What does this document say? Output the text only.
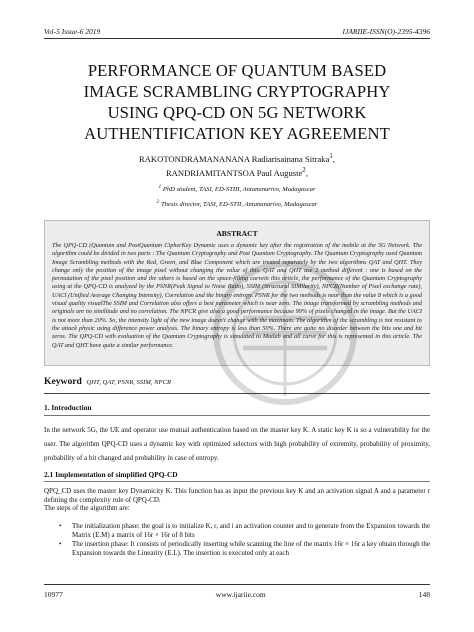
Vol-5 Issue-6 2019	IJARIIE-ISSN(O)-2395-4396
PERFORMANCE OF QUANTUM BASED
IMAGE SCRAMBLING CRYPTOGRAPHY
USING QPQ-CD ON 5G NETWORK
AUTHENTIFICATION KEY AGREEMENT
RAKOTONDRAMANANANA Radiarisainana Sitraka$^1$,
RANDRIAMITANTSOA Paul Auguste$^2$,
$^1$ PhD student, TASI, ED-STIII, Antananarivo, Madagascar
$^2$ Thesis director, TASI, ED-STII, Antananarivo, Madagascar
ABSTRACT
The QPQ-CD (Quantum and PostQuantum CipherKey Dynamic uses a dynamic key after the registration of the mobile at the 5G Network. The algorithm could be divided in two parts : The Quantum Cryptography and Post Quantum Cryptography. The Quantum Cryptography used Quantum Image Scrambling methods with the Red, Green, and Blue Component which are treated separately by the two algorithms QAT and QHT. They change only the position of the image pixel without changing the value of this. QAT and QHT use 2 method different : one is based on the permutation of the pixel position and the others is based on the space-filling curvein this article, the performance of the Quantum Cryptography using at the QPQ-CD is analyzed by the PSNR(Peak Signal to Noise Ratio), SSIM (Structural SIMilarity), NPCR(Number of Pixel exchange rate), UACI (Unified Average Changing Intensity), Correlation and the binary entropy. PSNR for the two methods is near than the value 8 which is a good visual quality visualThe SSIM and Correlation also offers a best parameter which is near zero. The image transformed by scrambling methods and originals are no similitude and no correlation. The NPCR give also a good performance because 99% of pixels changed in the image. But the UACI is not more than 20%. So, the intensity light of the new image doesn't change with the maximum. The algorithm of the scrambling is not resistant to the attack physic using difference power analysis. The binary entropy is less than 50%. There are quite no disorder between the bits one and bit zeros. The QPQ-CD with evaluation of the Quantum Cryptography is simulated to Matlab and all curve for this is represented in this article. The QAT and QHT have quite a similar performance.
Keyword QHT, QAT, PSNR, SSIM, NPCR
1. Introduction
In the network 5G, the UE and operator use mutual authentication based on the master key K. A static key K is so a vulnerability for the user. The algorithm QPQ-CD uses a dynamic key with optimized selectors with high probability of extremity, probability of proximity, probability of a bit changed and probability in case of entropy.
2.1 Implementation of simplified QPQ-CD
QPQ_CD uses the master key Dynamicity K. This function has as input the previous key K and an activation signal A and a parameter r defining the complexity rule of QPQ-CD.
The steps of the algorithm are:
• The initialization phase: the goal is to initialize K, r, and i an activation counter and to generate from the Expansion towards the Matrix (E.M) a matrix of 16r × 16r of 8 bits
• The insertion phase: It consists of periodically inserting while scanning the line of the matrix 16r × 16r a key obtain through the Expansion towards the Linearity (E.L). The insertion is executed only at each
10977	www.ijariie.com	148
